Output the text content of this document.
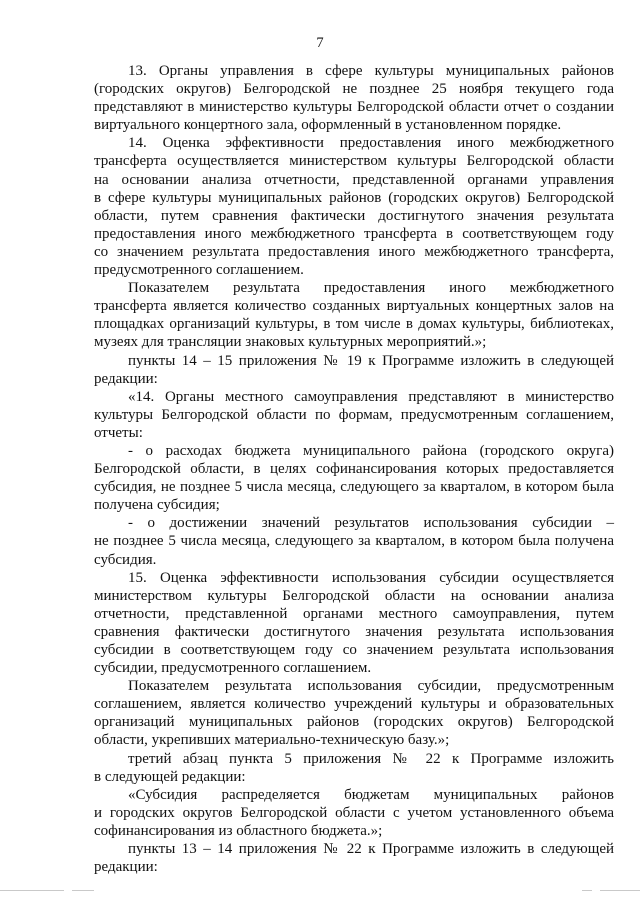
7
13. Органы управления в сфере культуры муниципальных районов
(городских округов) Белгородской не позднее 25 ноября текущего года
представляют в министерство культуры Белгородской области отчет о создании
виртуального концертного зала, оформленный в установленном порядке.
14. Оценка эффективности предоставления иного межбюджетного
трансферта осуществляется министерством культуры Белгородской области
на основании анализа отчетности, представленной органами управления
в сфере культуры муниципальных районов (городских округов) Белгородской
области, путем сравнения фактически достигнутого значения результата
предоставления иного межбюджетного трансферта в соответствующем году
со значением результата предоставления иного межбюджетного трансферта,
предусмотренного соглашением.
Показателем результата предоставления иного межбюджетного
трансферта является количество созданных виртуальных концертных залов на
площадках организаций культуры, в том числе в домах культуры, библиотеках,
музеях для трансляции знаковых культурных мероприятий.»;
пункты 14 – 15 приложения № 19 к Программе изложить в следующей
редакции:
«14. Органы местного самоуправления представляют в министерство
культуры Белгородской области по формам, предусмотренным соглашением,
отчеты:
- о расходах бюджета муниципального района (городского округа)
Белгородской области, в целях софинансирования которых предоставляется
субсидия, не позднее 5 числа месяца, следующего за кварталом, в котором была
получена субсидия;
- о достижении значений результатов использования субсидии –
не позднее 5 числа месяца, следующего за кварталом, в котором была получена
субсидия.
15. Оценка эффективности использования субсидии осуществляется
министерством культуры Белгородской области на основании анализа
отчетности, представленной органами местного самоуправления, путем
сравнения фактически достигнутого значения результата использования
субсидии в соответствующем году со значением результата использования
субсидии, предусмотренного соглашением.
Показателем результата использования субсидии, предусмотренным
соглашением, является количество учреждений культуры и образовательных
организаций муниципальных районов (городских округов) Белгородской
области, укрепивших материально-техническую базу.»;
третий абзац пункта 5 приложения № 22 к Программе изложить
в следующей редакции:
«Субсидия распределяется бюджетам муниципальных районов
и городских округов Белгородской области с учетом установленного объема
софинансирования из областного бюджета.»;
пункты 13 – 14 приложения № 22 к Программе изложить в следующей
редакции:
